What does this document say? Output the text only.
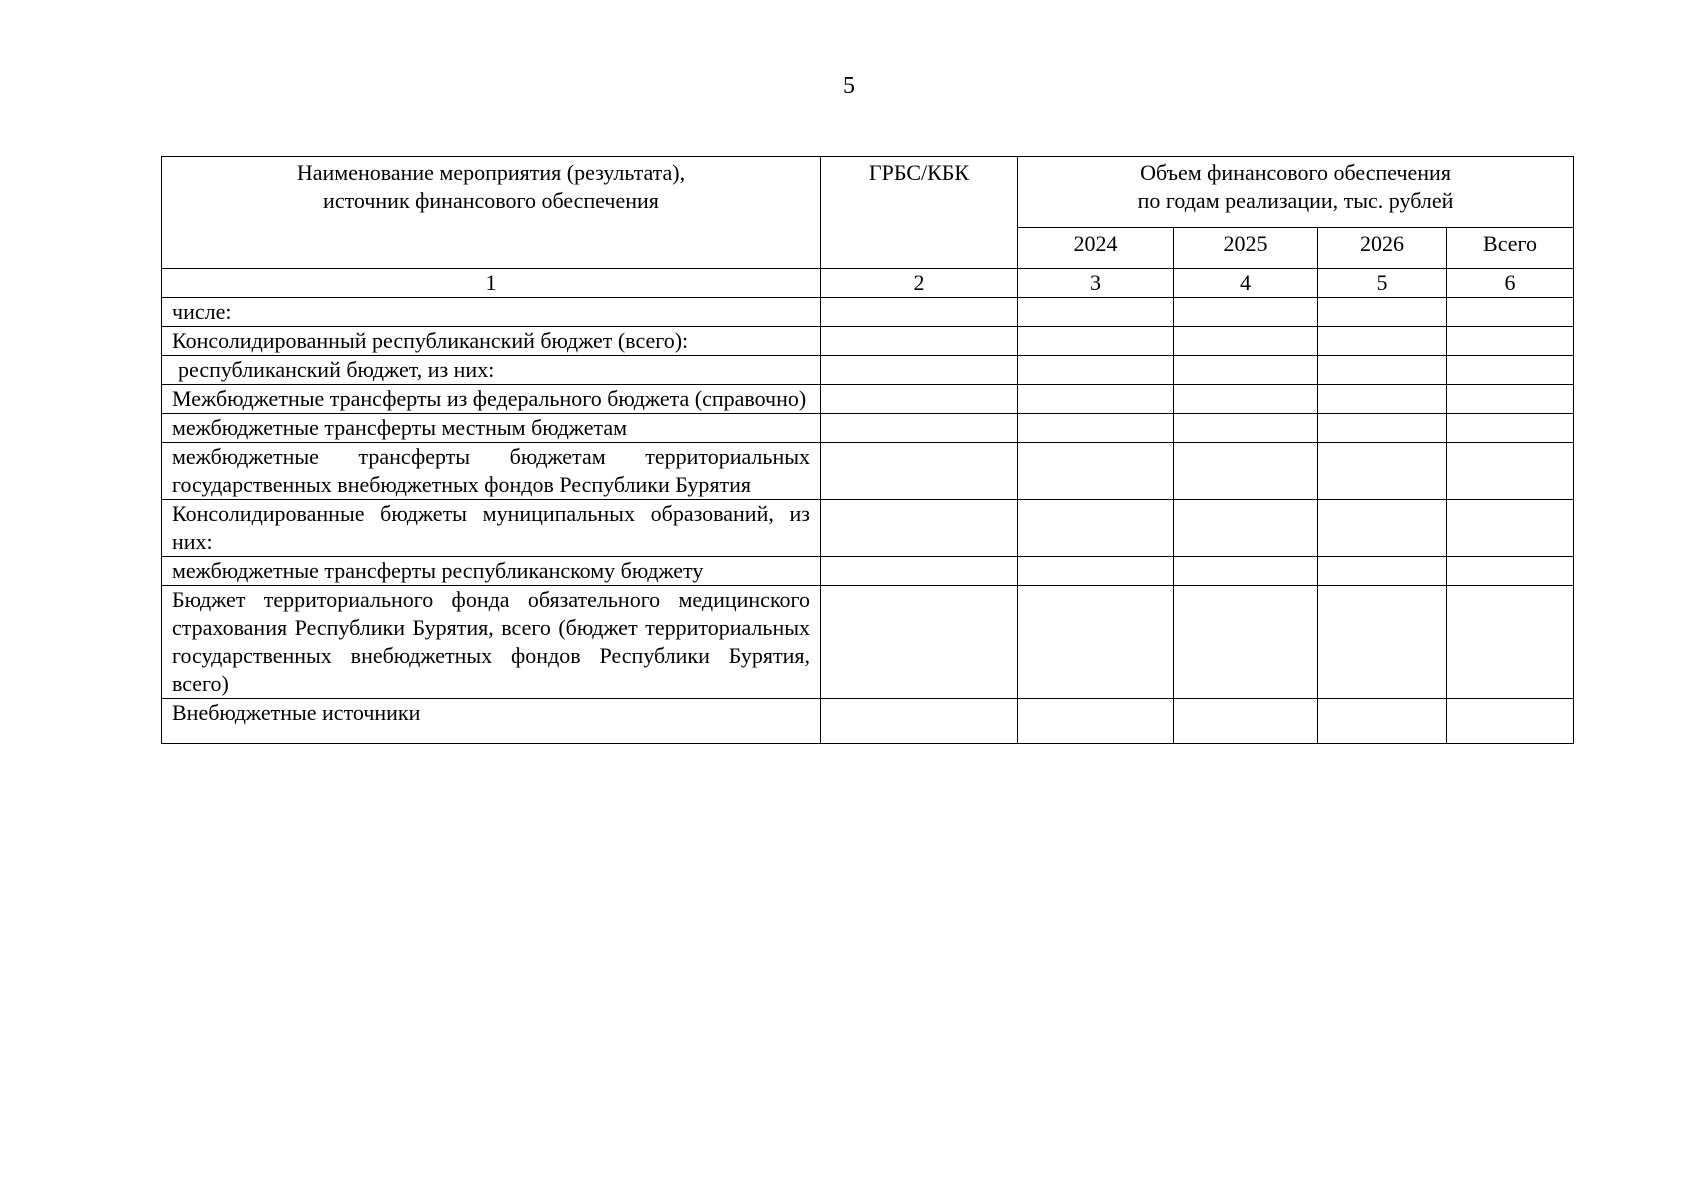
5
Наименование мероприятия (результата),
источник финансового обеспечения	ГРБС/КБК	Объем финансового обеспечения
по годам реализации, тыс. рублей			

		2024	2025	2026	Всего
1	2	3	4	5	6
числе:					
Консолидированный республиканский бюджет (всего):					
республиканский бюджет, из них:					
Межбюджетные трансферты из федерального бюджета (справочно)					
межбюджетные трансферты местным бюджетам					
межбюджетные трансферты бюджетам территориальных государственных внебюджетных фондов Республики Бурятия					
Консолидированные бюджеты муниципальных образований, из них:					
межбюджетные трансферты республиканскому бюджету					
Бюджет территориального фонда обязательного медицинского страхования Республики Бурятия, всего (бюджет территориальных государственных внебюджетных фондов Республики Бурятия, всего)					
Внебюджетные источники					
